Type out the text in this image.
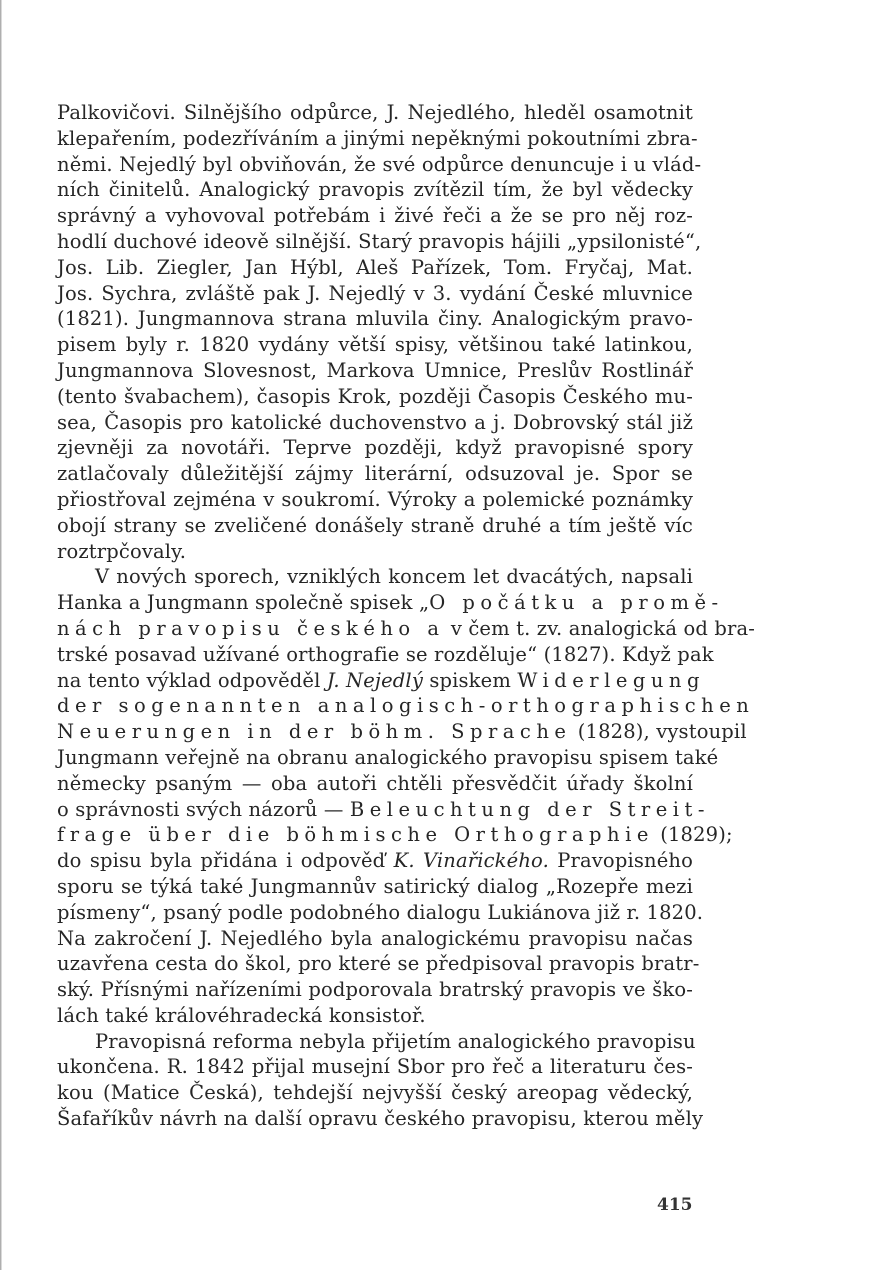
Palkovičovi. Silnějšího odpůrce, J. Nejedlého, hleděl osamotnit
klepařením, podezříváním a jinými nepěknými pokoutními zbra-
němi. Nejedlý byl obviňován, že své odpůrce denuncuje i u vlád-
ních činitelů. Analogický pravopis zvítězil tím, že byl vědecky
správný a vyhovoval potřebám i živé řeči a že se pro něj roz-
hodlí duchové ideově silnější. Starý pravopis hájili „ypsilonisté“,
Jos. Lib. Ziegler, Jan Hýbl, Aleš Pařízek, Tom. Fryčaj, Mat.
Jos. Sychra, zvláště pak J. Nejedlý v 3. vydání České mluvnice
(1821). Jungmannova strana mluvila činy. Analogickým pravo-
pisem byly r. 1820 vydány větší spisy, většinou také latinkou,
Jungmannova Slovesnost, Markova Umnice, Preslův Rostlinář
(tento švabachem), časopis Krok, později Časopis Českého mu-
sea, Časopis pro katolické duchovenstvo a j. Dobrovský stál již
zjevněji za novotáři. Teprve později, když pravopisné spory
zatlačovaly důležitější zájmy literární, odsuzoval je. Spor se
přiostřoval zejména v soukromí. Výroky a polemické poznámky
obojí strany se zveličené donášely straně druhé a tím ještě víc
roztrpčovaly.
V nových sporech, vzniklých koncem let dvacátých, napsali
Hanka a Jungmann společně spisek „O počátku a promě-
nách pravopisu českého a v čem t. zv. analogická od bra-
trské posavad užívané orthografie se rozděluje“ (1827). Když pak
na tento výklad odpověděl J. Nejedlý spiskem Widerlegung
der sogenannten analogisch-orthographischen
Neuerungen in der böhm. Sprache (1828), vystoupil
Jungmann veřejně na obranu analogického pravopisu spisem také
německy psaným — oba autoři chtěli přesvědčit úřady školní
o správnosti svých názorů — Beleuchtung der Streit-
frage über die böhmische Orthographie (1829);
do spisu byla přidána i odpověď K. Vinařického. Pravopisného
sporu se týká také Jungmannův satirický dialog „Rozepře mezi
písmeny“, psaný podle podobného dialogu Lukiánova již r. 1820.
Na zakročení J. Nejedlého byla analogickému pravopisu načas
uzavřena cesta do škol, pro které se předpisoval pravopis bratr-
ský. Přísnými nařízeními podporovala bratrský pravopis ve ško-
lách také královéhradecká konsistoř.
Pravopisná reforma nebyla přijetím analogického pravopisu
ukončena. R. 1842 přijal musejní Sbor pro řeč a literaturu čes-
kou (Matice Česká), tehdejší nejvyšší český areopag vědecký,
Šafaříkův návrh na další opravu českého pravopisu, kterou měly
415
